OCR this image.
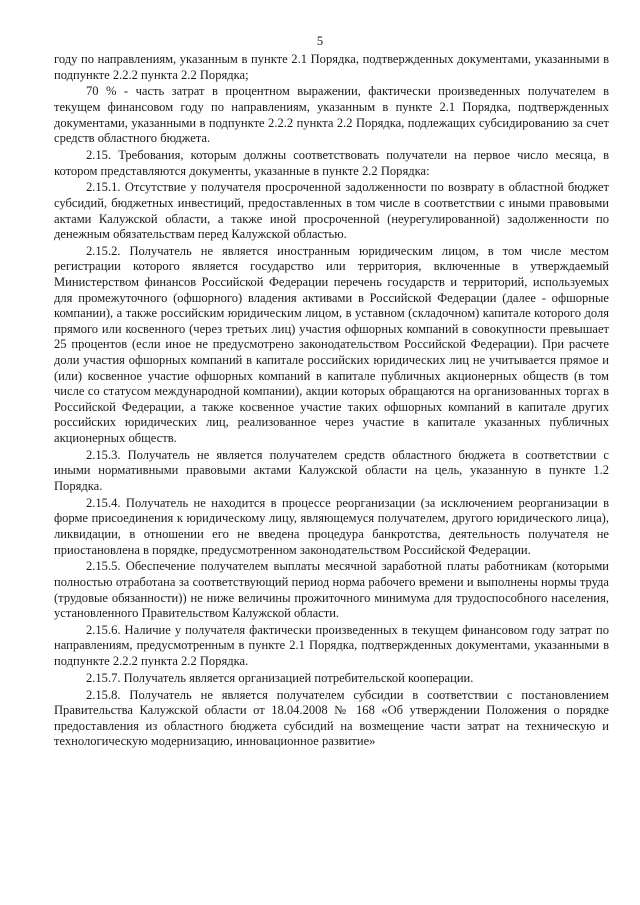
5

году по направлениям, указанным в пункте 2.1 Порядка, подтвержденных документами, указанными в подпункте 2.2.2 пункта 2.2 Порядка;

70 % - часть затрат в процентном выражении, фактически произведенных получателем в текущем финансовом году по направлениям, указанным в пункте 2.1 Порядка, подтвержденных документами, указанными в подпункте 2.2.2 пункта 2.2 Порядка, подлежащих субсидированию за счет средств областного бюджета.

2.15. Требования, которым должны соответствовать получатели на первое число месяца, в котором представляются документы, указанные в пункте 2.2 Порядка:

2.15.1. Отсутствие у получателя просроченной задолженности по возврату в областной бюджет субсидий, бюджетных инвестиций, предоставленных в том числе в соответствии с иными правовыми актами Калужской области, а также иной просроченной (неурегулированной) задолженности по денежным обязательствам перед Калужской областью.

2.15.2. Получатель не является иностранным юридическим лицом, в том числе местом регистрации которого является государство или территория, включенные в утверждаемый Министерством финансов Российской Федерации перечень государств и территорий, используемых для промежуточного (офшорного) владения активами в Российской Федерации (далее - офшорные компании), а также российским юридическим лицом, в уставном (складочном) капитале которого доля прямого или косвенного (через третьих лиц) участия офшорных компаний в совокупности превышает 25 процентов (если иное не предусмотрено законодательством Российской Федерации). При расчете доли участия офшорных компаний в капитале российских юридических лиц не учитывается прямое и (или) косвенное участие офшорных компаний в капитале публичных акционерных обществ (в том числе со статусом международной компании), акции которых обращаются на организованных торгах в Российской Федерации, а также косвенное участие таких офшорных компаний в капитале других российских юридических лиц, реализованное через участие в капитале указанных публичных акционерных обществ.

2.15.3. Получатель не является получателем средств областного бюджета в соответствии с иными нормативными правовыми актами Калужской области на цель, указанную в пункте 1.2 Порядка.

2.15.4. Получатель не находится в процессе реорганизации (за исключением реорганизации в форме присоединения к юридическому лицу, являющемуся получателем, другого юридического лица), ликвидации, в отношении его не введена процедура банкротства, деятельность получателя не приостановлена в порядке, предусмотренном законодательством Российской Федерации.

2.15.5. Обеспечение получателем выплаты месячной заработной платы работникам (которыми полностью отработана за соответствующий период норма рабочего времени и выполнены нормы труда (трудовые обязанности)) не ниже величины прожиточного минимума для трудоспособного населения, установленного Правительством Калужской области.

2.15.6. Наличие у получателя фактически произведенных в текущем финансовом году затрат по направлениям, предусмотренным в пункте 2.1 Порядка, подтвержденных документами, указанными в подпункте 2.2.2 пункта 2.2 Порядка.

2.15.7. Получатель является организацией потребительской кооперации.

2.15.8. Получатель не является получателем субсидии в соответствии с постановлением Правительства Калужской области от 18.04.2008 № 168 «Об утверждении Положения о порядке предоставления из областного бюджета субсидий на возмещение части затрат на техническую и технологическую модернизацию, инновационное развитие»
